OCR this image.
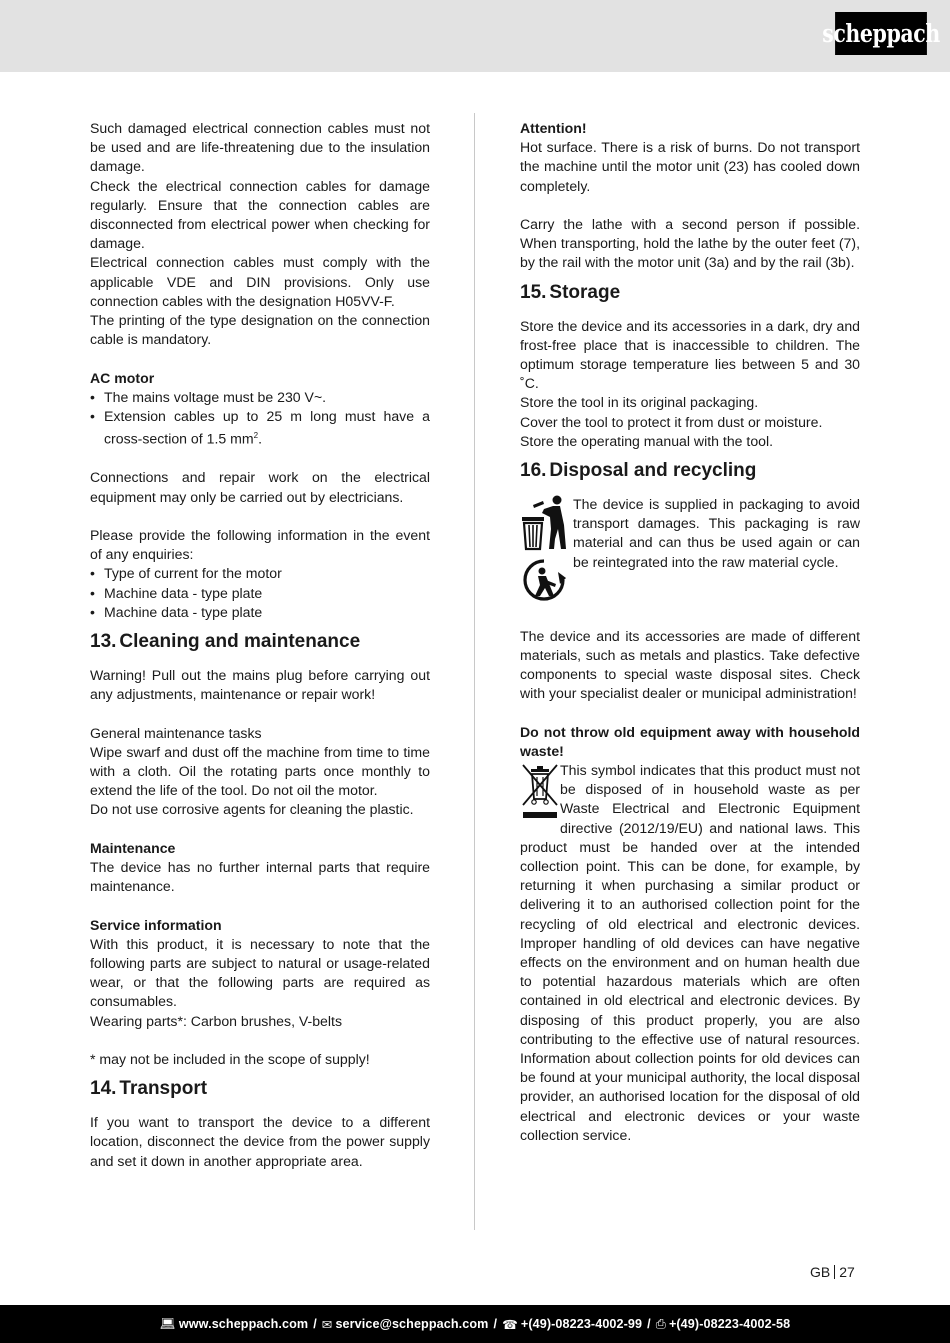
scheppach

Such damaged electrical connection cables must not be used and are life-threatening due to the insulation damage.

Check the electrical connection cables for damage regularly. Ensure that the connection cables are disconnected from electrical power when checking for damage.

Electrical connection cables must comply with the applicable VDE and DIN provisions. Only use connection cables with the designation H05VV-F.

The printing of the type designation on the connection cable is mandatory.

AC motor

• The mains voltage must be 230 V~.
• Extension cables up to 25 m long must have a cross-section of 1.5 $mm^2$.

Connections and repair work on the electrical equipment may only be carried out by electricians.

Please provide the following information in the event of any enquiries:

• Type of current for the motor
• Machine data - type plate
• Machine data - type plate
13. Cleaning and maintenance

Warning! Pull out the mains plug before carrying out any adjustments, maintenance or repair work!

General maintenance tasks

Wipe swarf and dust off the machine from time to time with a cloth. Oil the rotating parts once monthly to extend the life of the tool. Do not oil the motor.

Do not use corrosive agents for cleaning the plastic.

Maintenance

The device has no further internal parts that require maintenance.

Service information

With this product, it is necessary to note that the following parts are subject to natural or usage-related wear, or that the following parts are required as consumables.

Wearing parts*: Carbon brushes, V-belts

* may not be included in the scope of supply!

14. Transport

If you want to transport the device to a different location, disconnect the device from the power supply and set it down in another appropriate area.

Attention!

Hot surface. There is a risk of burns. Do not transport the machine until the motor unit (23) has cooled down completely.

Carry the lathe with a second person if possible. When transporting, hold the lathe by the outer feet (7), by the rail with the motor unit (3a) and by the rail (3b).

15. Storage

Store the device and its accessories in a dark, dry and frost-free place that is inaccessible to children. The optimum storage temperature lies between 5 and 30 ˚C.

Store the tool in its original packaging.

Cover the tool to protect it from dust or moisture.

Store the operating manual with the tool.

16. Disposal and recycling

The device is supplied in packaging to avoid transport damages. This packaging is raw material and can thus be used again or can be reintegrated into the raw material cycle.

The device and its accessories are made of different materials, such as metals and plastics. Take defective components to special waste disposal sites. Check with your specialist dealer or municipal administration!

Do not throw old equipment away with household waste!

This symbol indicates that this product must not be disposed of in household waste as per Waste Electrical and Electronic Equipment directive (2012/19/EU) and national laws. This product must be handed over at the intended collection point. This can be done, for example, by returning it when purchasing a similar product or delivering it to an authorised collection point for the recycling of old electrical and electronic devices. Improper handling of old devices can have negative effects on the environment and on human health due to potential hazardous materials which are often contained in old electrical and electronic devices. By disposing of this product properly, you are also contributing to the effective use of natural resources. Information about collection points for old devices can be found at your municipal authority, the local disposal provider, an authorised location for the disposal of old electrical and electronic devices or your waste collection service.

GB 27
💻︎ www.scheppach.com / ✉︎ service@scheppach.com / ☎ +(49)-08223-4002-99 / ⎙ +(49)-08223-4002-58
